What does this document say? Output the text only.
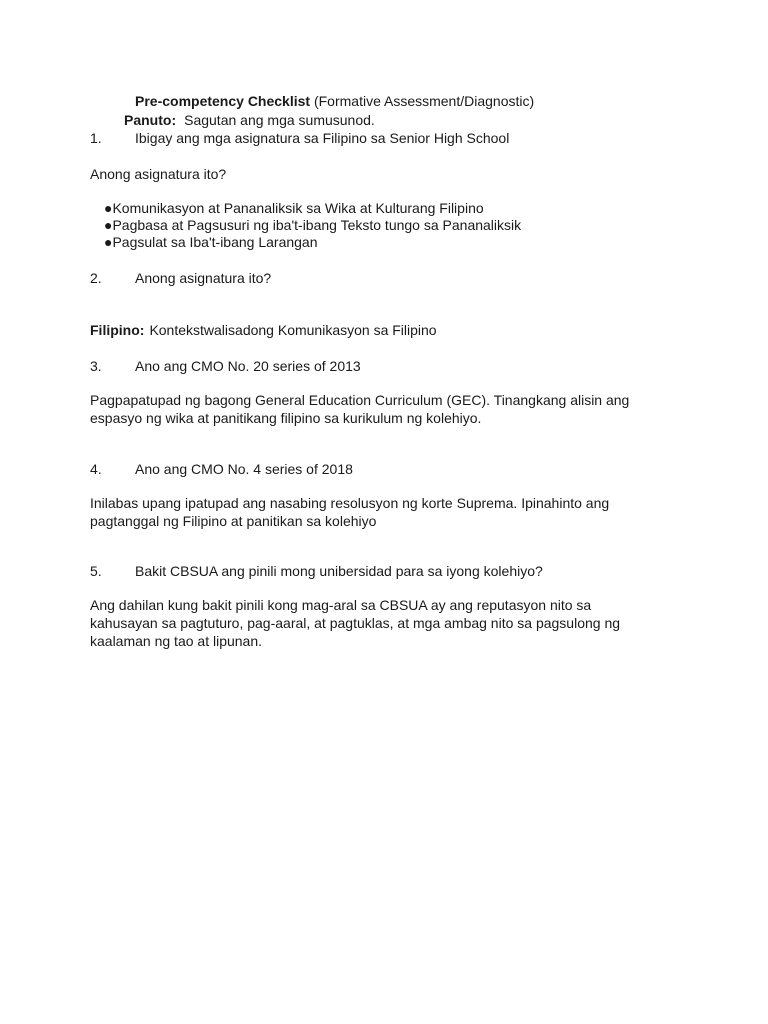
Pre-competency Checklist (Formative Assessment/Diagnostic)
Panuto: Sagutan ang mga sumusunod.
1. Ibigay ang mga asignatura sa Filipino sa Senior High School
Anong asignatura ito?
●Komunikasyon at Pananaliksik sa Wika at Kulturang Filipino
●Pagbasa at Pagsusuri ng iba't-ibang Teksto tungo sa Pananaliksik
●Pagsulat sa Iba't-ibang Larangan
2. Anong asignatura ito?
Filipino: Kontekstwalisadong Komunikasyon sa Filipino
3. Ano ang CMO No. 20 series of 2013
Pagpapatupad ng bagong General Education Curriculum (GEC). Tinangkang alisin ang espasyo ng wika at panitikang filipino sa kurikulum ng kolehiyo.
4. Ano ang CMO No. 4 series of 2018
Inilabas upang ipatupad ang nasabing resolusyon ng korte Suprema. Ipinahinto ang pagtanggal ng Filipino at panitikan sa kolehiyo
5. Bakit CBSUA ang pinili mong unibersidad para sa iyong kolehiyo?
Ang dahilan kung bakit pinili kong mag-aral sa CBSUA ay ang reputasyon nito sa kahusayan sa pagtuturo, pag-aaral, at pagtuklas, at mga ambag nito sa pagsulong ng kaalaman ng tao at lipunan.
